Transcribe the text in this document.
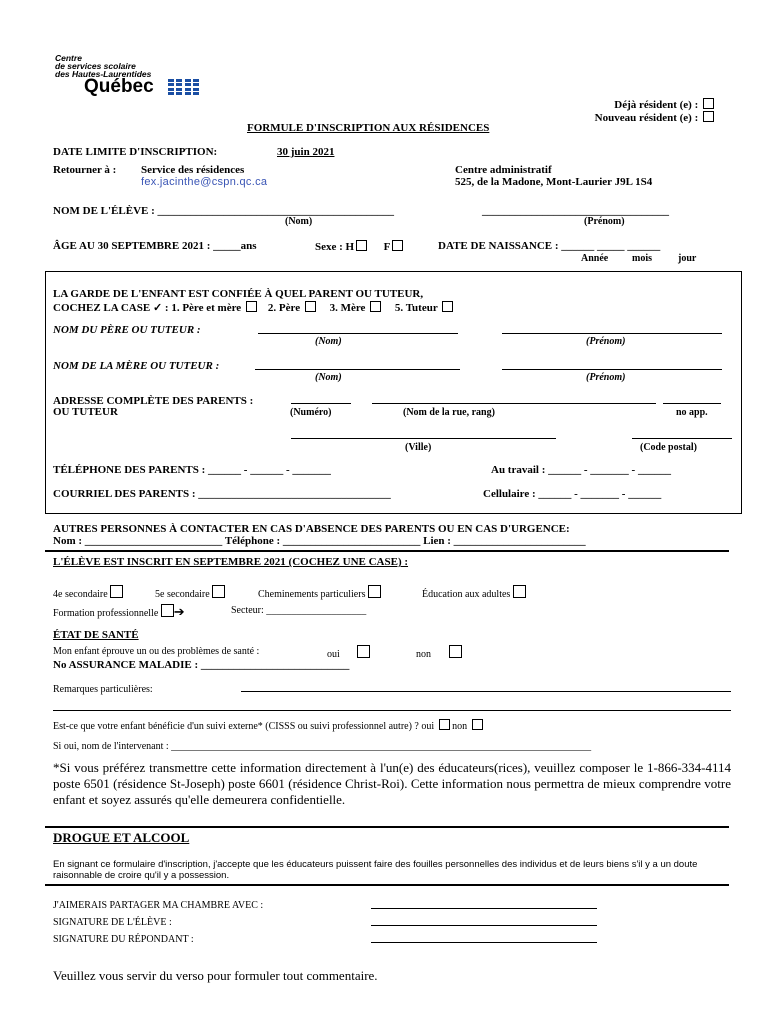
Centre
de services scolaire
des Hautes-Laurentides
Québec
Déjà résident (e) :
Nouveau résident (e) :
FORMULE D'INSCRIPTION AUX RÉSIDENCES
DATE LIMITE D'INSCRIPTION:	30 juin 2021
Retourner à : Service des résidences
fex.jacinthe@cspn.qc.ca
Centre administratif
525, de la Madone, Mont-Laurier J9L 1S4
NOM DE L'ÉLÈVE : ___________________________________________	__________________________________
(Nom)	(Prénom)
ÂGE AU 30 SEPTEMBRE 2021 : _____ans	Sexe : H	F	DATE DE NAISSANCE : ______ _____ ______
Année mois	jour
LA GARDE DE L'ENFANT EST CONFIÉE À QUEL PARENT OU TUTEUR,
COCHEZ LA CASE ✓ : 1. Père et mère 2. Père	3. Mère	5. Tuteur
NOM DU PÈRE OU TUTEUR :
(Nom)	(Prénom)
NOM DE LA MÈRE OU TUTEUR :
(Nom)	(Prénom)
ADRESSE COMPLÈTE DES PARENTS :
OU TUTEUR	(Numéro)	(Nom de la rue, rang)	no app.
(Ville)	(Code postal)
TÉLÉPHONE DES PARENTS : ______ - ______ - _______	Au travail : ______ - _______ - ______
COURRIEL DES PARENTS : ___________________________________	Cellulaire : ______ - _______ - ______
AUTRES PERSONNES À CONTACTER EN CAS D'ABSENCE DES PARENTS OU EN CAS D'URGENCE:
Nom : _________________________ Téléphone : _________________________ Lien : ________________________
L'ÉLÈVE EST INSCRIT EN SEPTEMBRE 2021 (COCHEZ UNE CASE) :
4e secondaire	5e secondaire	Cheminements particuliers	Éducation aux adultes
Formation professionnelle ➔	Secteur: ____________________
ÉTAT DE SANTÉ
Mon enfant éprouve un ou des problèmes de santé :	oui	non
No ASSURANCE MALADIE : ___________________________
Remarques particulières:
Est-ce que votre enfant bénéficie d'un suivi externe* (CISSS ou suivi professionnel autre) ? oui non
Si oui, nom de l'intervenant : ____________________________________________________________________________________
*Si vous préférez transmettre cette information directement à l'un(e) des éducateurs(rices), veuillez composer le 1-866-334-4114 poste 6501 (résidence St-Joseph) poste 6601 (résidence Christ-Roi). Cette information nous permettra de mieux comprendre votre enfant et soyez assurés qu'elle demeurera confidentielle.
DROGUE ET ALCOOL
En signant ce formulaire d'inscription, j'accepte que les éducateurs puissent faire des fouilles personnelles des individus et de leurs biens s'il y a un doute raisonnable de croire qu'il y a possession.
J'AIMERAIS PARTAGER MA CHAMBRE AVEC :
SIGNATURE DE L'ÉLÈVE :
SIGNATURE DU RÉPONDANT :
Veuillez vous servir du verso pour formuler tout commentaire.
